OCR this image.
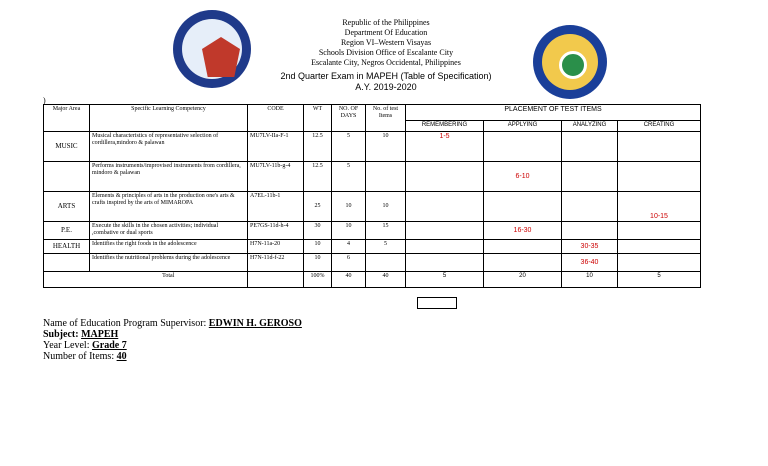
Republic of the Philippines
Department Of Education
Region VI–Western Visayas
Schools Division Office of Escalante City
Escalante City, Negros Occidental, Philippines
2nd Quarter Exam in MAPEH (Table of Specification)
A.Y. 2019-2020
)
Major Area	Specific Learning Competency	CODE	WT	NO. OF DAYS	No. of test Items	PLACEMENT OF TEST ITEMS			
						REMEMBERING	APPLYING	ANALYZING	CREATING
MUSIC	Musical characteristics of representative selection of cordillera,mindoro & palawan	MU7LV-IIa-F-1	12.5	5	10	1-5			
	Performs instruments/improvised instruments from cordillera, mindoro & palawan	MU7LV-11b-g-4	12.5	5			6-10		
ARTS	Elements & principles of arts in the production one's arts & crafts inspired by the arts of MIMAROPA	A7EL-11b-1	25	10	10				10-15
P.E.	Execute the skills in the chosen activities; individual ,combative or dual sports	PE7GS-11d-h-4	30	10	15		16-30		
HEALTH	Identifies the right foods in the adolescence	H7N-11a-20	10	4	5			30-35	
	Identifies the nutritional problems during the adolescence	H7N-11d-f-22	10	6				36-40	
	Total		100%	40	40	5	20	10	5
Name of Education Program Supervisor: EDWIN H. GEROSO
Subject: MAPEH
Year Level: Grade 7
Number of Items: 40
